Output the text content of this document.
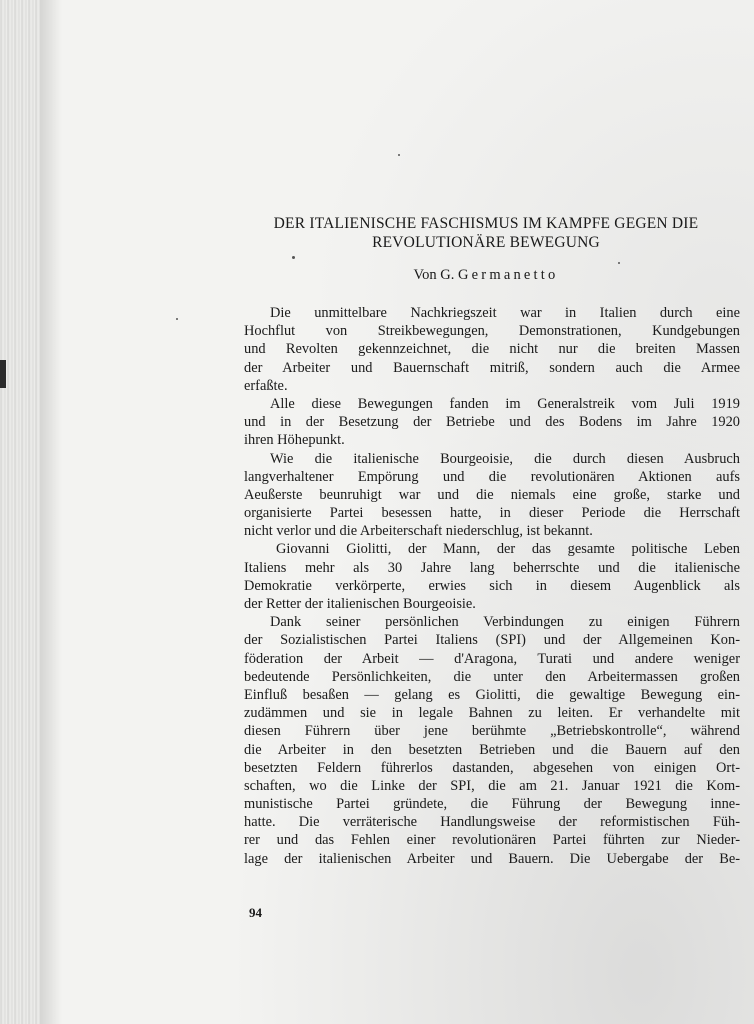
DER ITALIENISCHE FASCHISMUS IM KAMPFE GEGEN DIE
REVOLUTIONÄRE BEWEGUNG
Von G. Germanetto
Die unmittelbare Nachkriegszeit war in Italien durch eine
Hochflut von Streikbewegungen, Demonstrationen, Kundgebungen
und Revolten gekennzeichnet, die nicht nur die breiten Massen
der Arbeiter und Bauernschaft mitriß, sondern auch die Armee
erfaßte.
Alle diese Bewegungen fanden im Generalstreik vom Juli 1919
und in der Besetzung der Betriebe und des Bodens im Jahre 1920
ihren Höhepunkt.
Wie die italienische Bourgeoisie, die durch diesen Ausbruch
langverhaltener Empörung und die revolutionären Aktionen aufs
Aeußerste beunruhigt war und die niemals eine große, starke und
organisierte Partei besessen hatte, in dieser Periode die Herrschaft
nicht verlor und die Arbeiterschaft niederschlug, ist bekannt.
Giovanni Giolitti, der Mann, der das gesamte politische Leben
Italiens mehr als 30 Jahre lang beherrschte und die italienische
Demokratie verkörperte, erwies sich in diesem Augenblick als
der Retter der italienischen Bourgeoisie.
Dank seiner persönlichen Verbindungen zu einigen Führern
der Sozialistischen Partei Italiens (SPI) und der Allgemeinen Kon-
föderation der Arbeit — d'Aragona, Turati und andere weniger
bedeutende Persönlichkeiten, die unter den Arbeitermassen großen
Einfluß besaßen — gelang es Giolitti, die gewaltige Bewegung ein-
zudämmen und sie in legale Bahnen zu leiten. Er verhandelte mit
diesen Führern über jene berühmte „Betriebskontrolle“, während
die Arbeiter in den besetzten Betrieben und die Bauern auf den
besetzten Feldern führerlos dastanden, abgesehen von einigen Ort-
schaften, wo die Linke der SPI, die am 21. Januar 1921 die Kom-
munistische Partei gründete, die Führung der Bewegung inne-
hatte. Die verräterische Handlungsweise der reformistischen Füh-
rer und das Fehlen einer revolutionären Partei führten zur Nieder-
lage der italienischen Arbeiter und Bauern. Die Uebergabe der Be-
94
